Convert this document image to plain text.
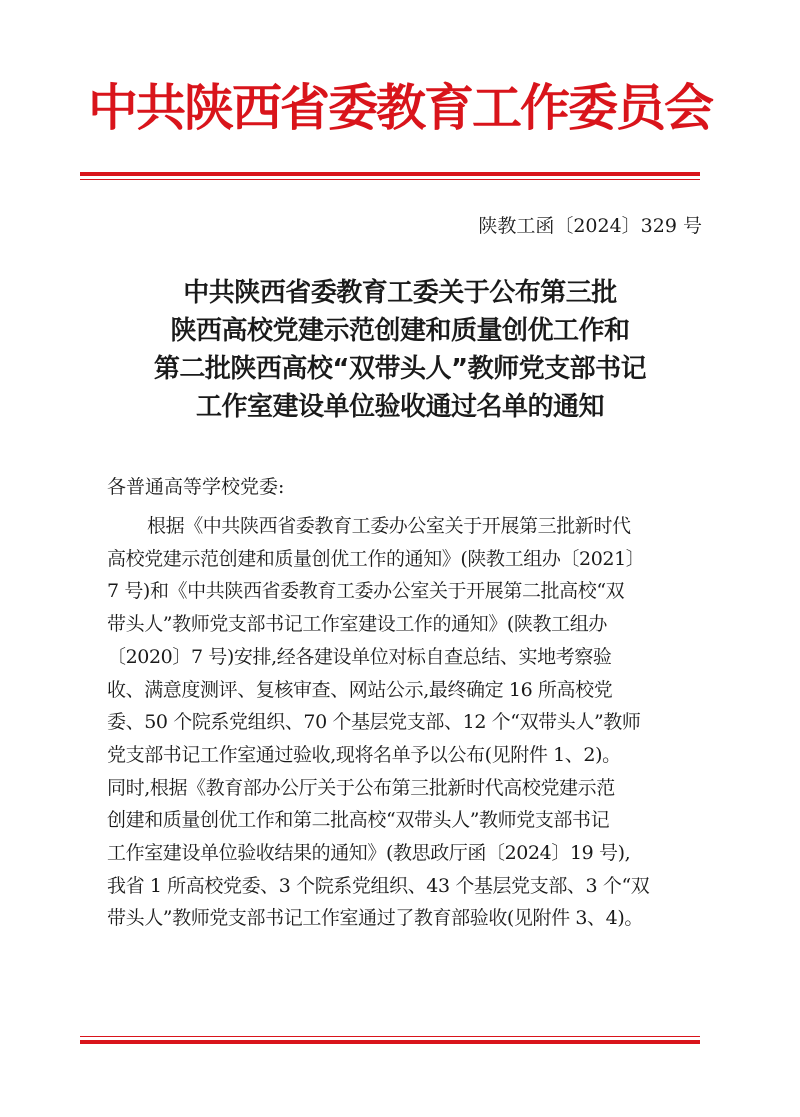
中共陕西省委教育工作委员会
陕教工函〔2024〕329 号
中共陕西省委教育工委关于公布第三批
陕西高校党建示范创建和质量创优工作和
第二批陕西高校“双带头人”教师党支部书记
工作室建设单位验收通过名单的通知
各普通高等学校党委:
根据《中共陕西省委教育工委办公室关于开展第三批新时代
高校党建示范创建和质量创优工作的通知》(陕教工组办〔2021〕
7 号)和《中共陕西省委教育工委办公室关于开展第二批高校“双
带头人”教师党支部书记工作室建设工作的通知》(陕教工组办
〔2020〕7 号)安排,经各建设单位对标自查总结、实地考察验
收、满意度测评、复核审查、网站公示,最终确定 16 所高校党
委、50 个院系党组织、70 个基层党支部、12 个“双带头人”教师
党支部书记工作室通过验收,现将名单予以公布(见附件 1、2)。
同时,根据《教育部办公厅关于公布第三批新时代高校党建示范
创建和质量创优工作和第二批高校“双带头人”教师党支部书记
工作室建设单位验收结果的通知》(教思政厅函〔2024〕19 号),
我省 1 所高校党委、3 个院系党组织、43 个基层党支部、3 个“双
带头人”教师党支部书记工作室通过了教育部验收(见附件 3、4)。
